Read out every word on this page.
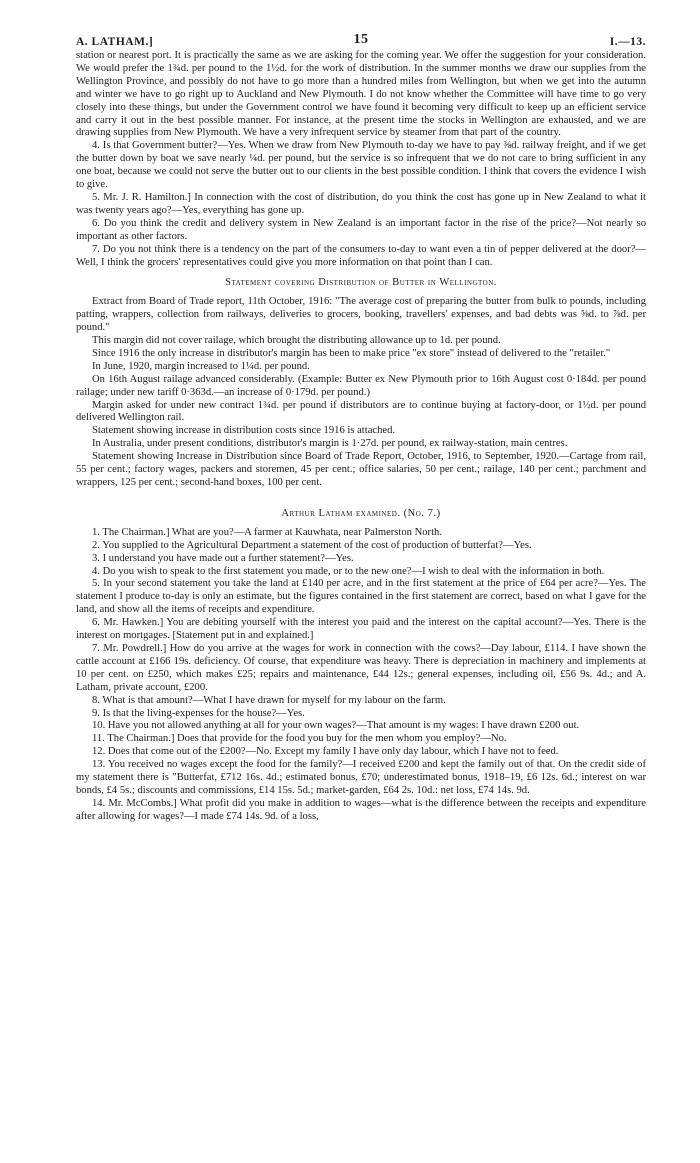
A. LATHAM.]	15	I.—13.

station or nearest port. It is practically the same as we are asking for the coming year. We offer the suggestion for your consideration. We would prefer the 1¾d. per pound to the 1½d. for the work of distribution. In the summer months we draw our supplies from the Wellington Province, and possibly do not have to go more than a hundred miles from Wellington, but when we get into the autumn and winter we have to go right up to Auckland and New Plymouth. I do not know whether the Committee will have time to go very closely into these things, but under the Government control we have found it becoming very difficult to keep up an efficient service and carry it out in the best possible manner. For instance, at the present time the stocks in Wellington are exhausted, and we are drawing supplies from New Plymouth. We have a very infrequent service by steamer from that part of the country.

4. Is that Government butter?—Yes. When we draw from New Plymouth to-day we have to pay ⅜d. railway freight, and if we get the butter down by boat we save nearly ¼d. per pound, but the service is so infrequent that we do not care to bring sufficient in any one boat, because we could not serve the butter out to our clients in the best possible condition. I think that covers the evidence I wish to give.

5. Mr. J. R. Hamilton.] In connection with the cost of distribution, do you think the cost has gone up in New Zealand to what it was twenty years ago?—Yes, everything has gone up.

6. Do you think the credit and delivery system in New Zealand is an important factor in the rise of the price?—Not nearly so important as other factors.

7. Do you not think there is a tendency on the part of the consumers to-day to want even a tin of pepper delivered at the door?—Well, I think the grocers' representatives could give you more information on that point than I can.

Statement covering Distribution of Butter in Wellington.

Extract from Board of Trade report, 11th October, 1916: "The average cost of preparing the butter from bulk to pounds, including patting, wrappers, collection from railways, deliveries to grocers, booking, travellers' expenses, and bad debts was ⅝d. to ⅞d. per pound."

This margin did not cover railage, which brought the distributing allowance up to 1d. per pound.

Since 1916 the only increase in distributor's margin has been to make price "ex store" instead of delivered to the "retailer."

In June, 1920, margin increased to 1¼d. per pound.

On 16th August railage advanced considerably. (Example: Butter ex New Plymouth prior to 16th August cost 0·184d. per pound railage; under new tariff 0·363d.—an increase of 0·179d. per pound.)

Margin asked for under new contract 1¾d. per pound if distributors are to continue buying at factory-door, or 1½d. per pound delivered Wellington rail.

Statement showing increase in distribution costs since 1916 is attached.

In Australia, under present conditions, distributor's margin is 1·27d. per pound, ex railway-station, main centres.

Statement showing Increase in Distribution since Board of Trade Report, October, 1916, to September, 1920.—Cartage from rail, 55 per cent.; factory wages, packers and storemen, 45 per cent.; office salaries, 50 per cent.; railage, 140 per cent.; parchment and wrappers, 125 per cent.; second-hand boxes, 100 per cent.

Arthur Latham examined. (No. 7.)

1. The Chairman.] What are you?—A farmer at Kauwhata, near Palmerston North.

2. You supplied to the Agricultural Department a statement of the cost of production of butterfat?—Yes.

3. I understand you have made out a further statement?—Yes.

4. Do you wish to speak to the first statement you made, or to the new one?—I wish to deal with the information in both.

5. In your second statement you take the land at £140 per acre, and in the first statement at the price of £64 per acre?—Yes. The statement I produce to-day is only an estimate, but the figures contained in the first statement are correct, based on what I gave for the land, and show all the items of receipts and expenditure.

6. Mr. Hawken.] You are debiting yourself with the interest you paid and the interest on the capital account?—Yes. There is the interest on mortgages. [Statement put in and explained.]

7. Mr. Powdrell.] How do you arrive at the wages for work in connection with the cows?—Day labour, £114. I have shown the cattle account at £166 19s. deficiency. Of course, that expenditure was heavy. There is depreciation in machinery and implements at 10 per cent. on £250, which makes £25; repairs and maintenance, £44 12s.; general expenses, including oil, £56 9s. 4d.; and A. Latham, private account, £200.

8. What is that amount?—What I have drawn for myself for my labour on the farm.

9. Is that the living-expenses for the house?—Yes.

10. Have you not allowed anything at all for your own wages?—That amount is my wages: I have drawn £200 out.

11. The Chairman.] Does that provide for the food you buy for the men whom you employ?—No.

12. Does that come out of the £200?—No. Except my family I have only day labour, which I have not to feed.

13. You received no wages except the food for the family?—I received £200 and kept the family out of that. On the credit side of my statement there is "Butterfat, £712 16s. 4d.; estimated bonus, £70; underestimated bonus, 1918–19, £6 12s. 6d.; interest on war bonds, £4 5s.; discounts and commissions, £14 15s. 5d.; market-garden, £64 2s. 10d.: net loss, £74 14s. 9d.

14. Mr. McCombs.] What profit did you make in addition to wages—what is the difference between the receipts and expenditure after allowing for wages?—I made £74 14s. 9d. of a loss,
